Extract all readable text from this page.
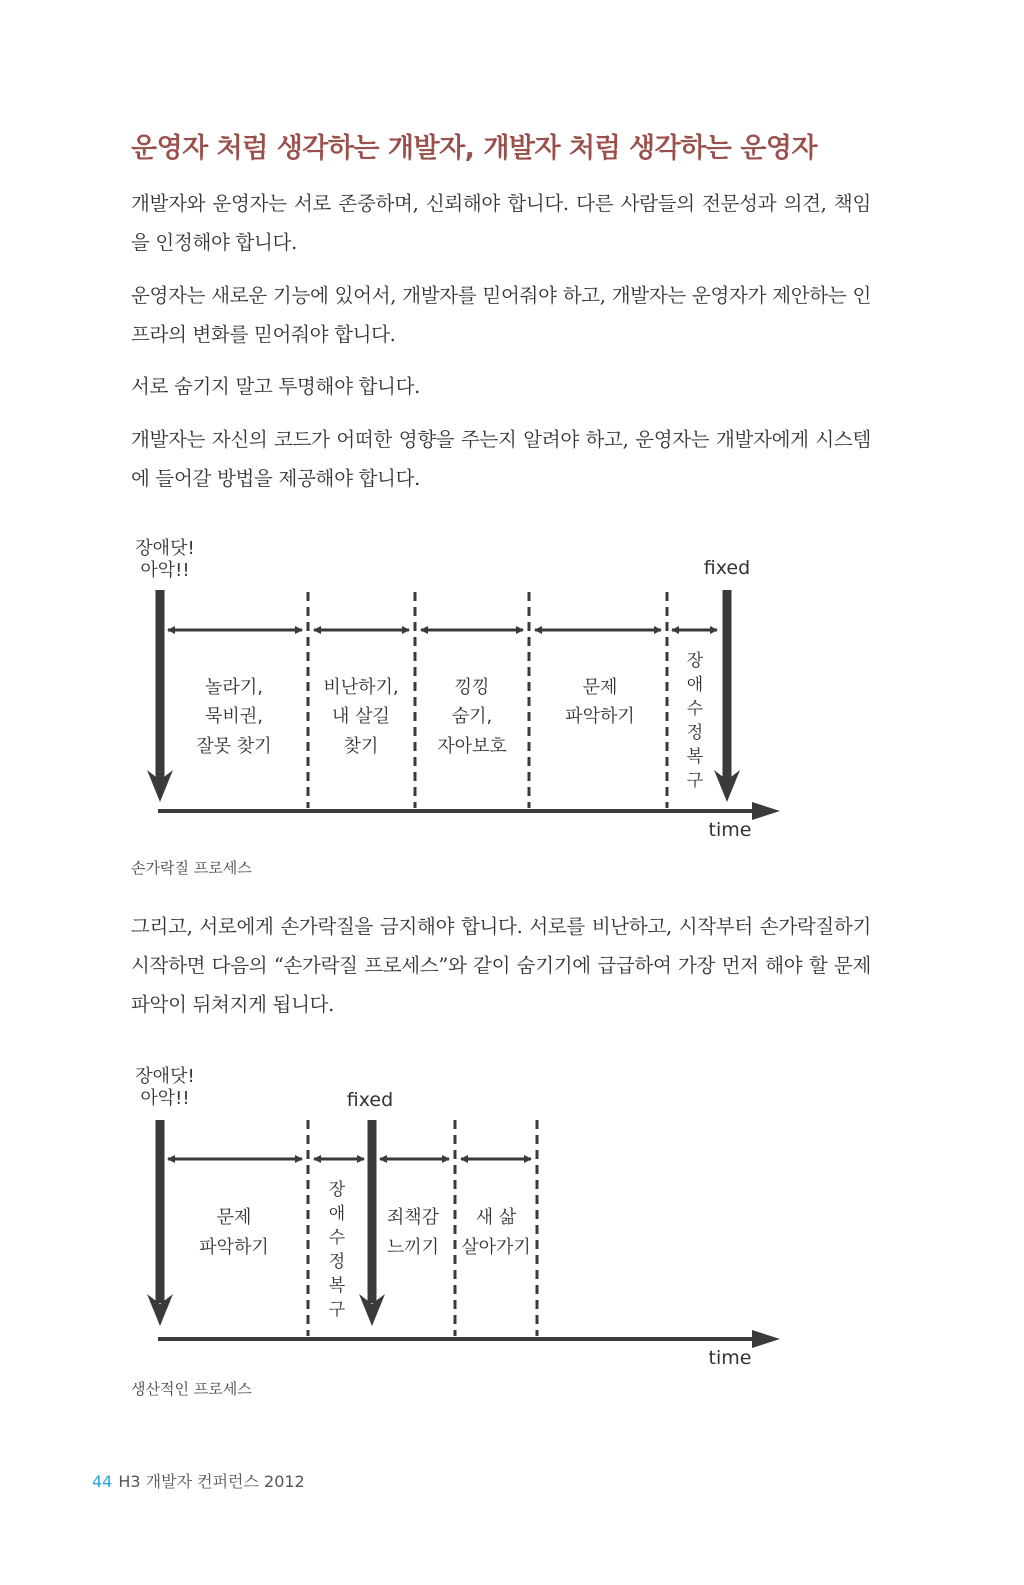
운영자 처럼 생각하는 개발자, 개발자 처럼 생각하는 운영자

개발자와 운영자는 서로 존중하며, 신뢰해야 합니다. 다른 사람들의 전문성과 의견, 책임을 인정해야 합니다.

운영자는 새로운 기능에 있어서, 개발자를 믿어줘야 하고, 개발자는 운영자가 제안하는 인프라의 변화를 믿어줘야 합니다.

서로 숨기지 말고 투명해야 합니다.

개발자는 자신의 코드가 어떠한 영향을 주는지 알려야 하고, 운영자는 개발자에게 시스템에 들어갈 방법을 제공해야 합니다.

장애닷!
아악!!	fixed
time
놀라기,
묵비권,
잘못 찾기
비난하기,
내 살길
찾기
낑낑
숨기,
자아보호
문제
파악하기
장
애
수
정
복
구
손가락질 프로세스

그리고, 서로에게 손가락질을 금지해야 합니다. 서로를 비난하고, 시작부터 손가락질하기 시작하면 다음의 “손가락질 프로세스”와 같이 숨기기에 급급하여 가장 먼저 해야 할 문제 파악이 뒤쳐지게 됩니다.

장애닷!
아악!!	fixed
time
문제
파악하기
장
애
수
정
복
구
죄책감
느끼기
새 삶
살아가기
생산적인 프로세스
44 H3 개발자 컨퍼런스 2012
